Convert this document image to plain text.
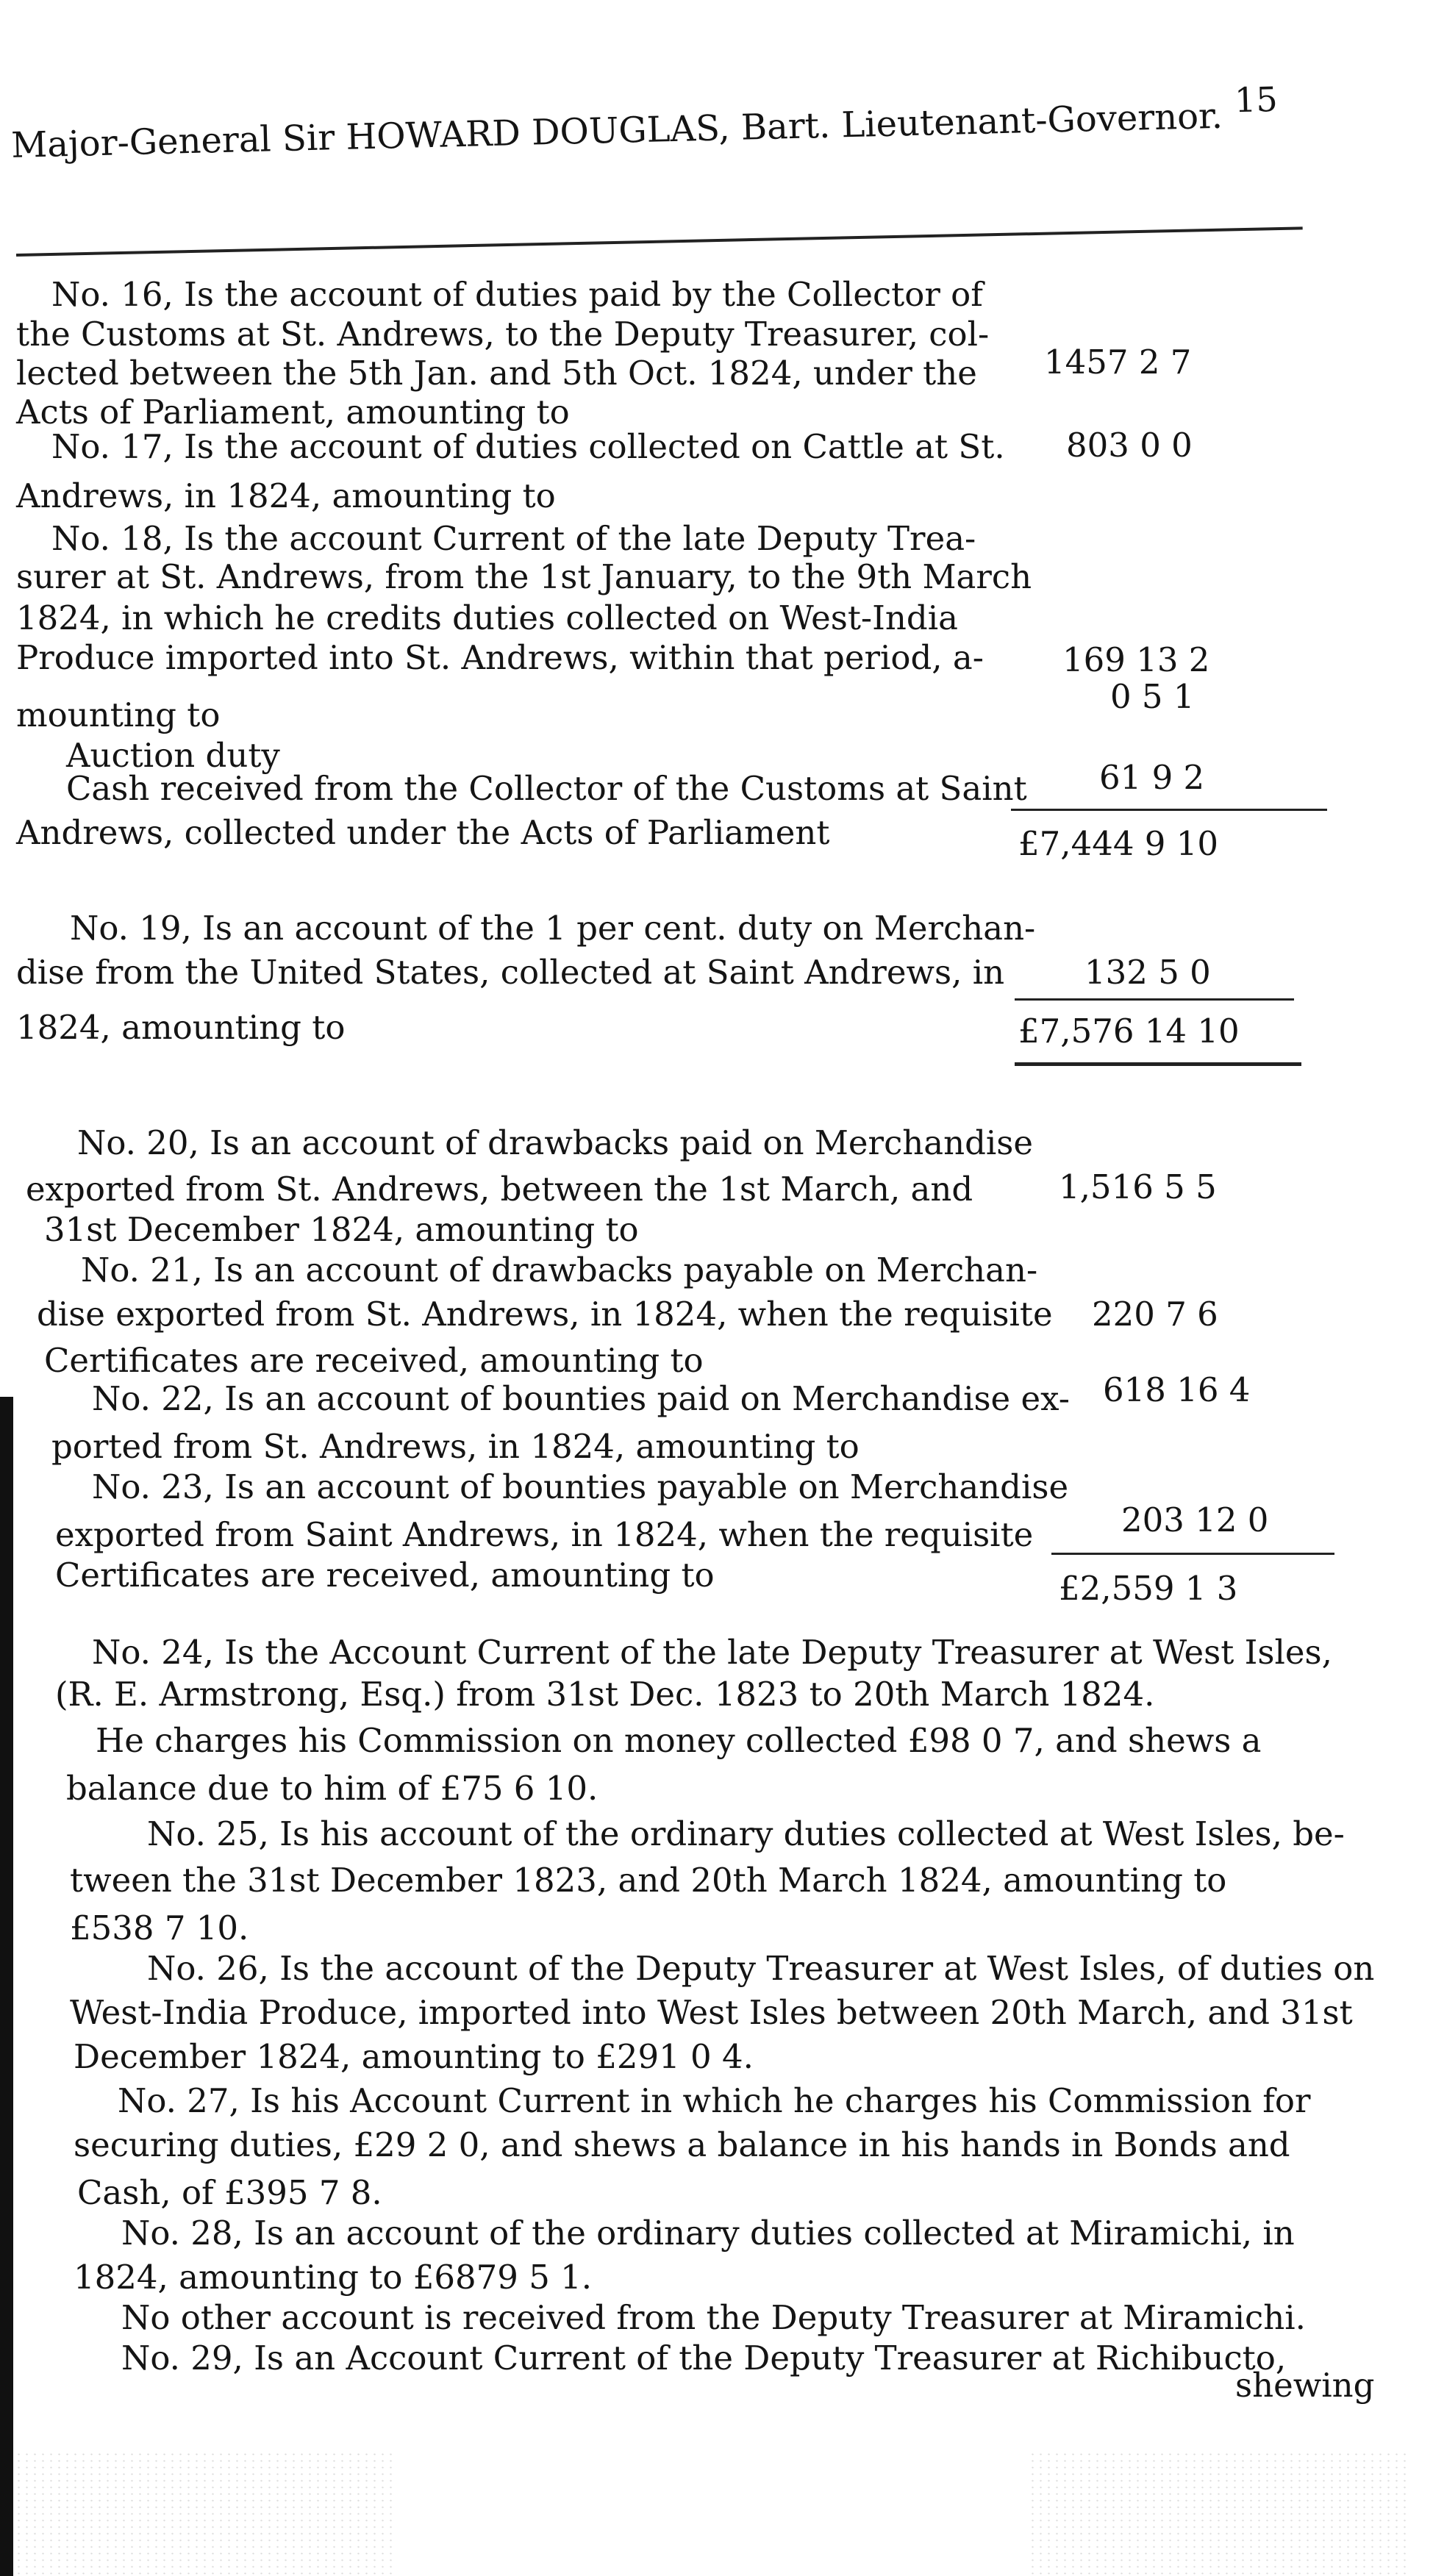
Major-General Sir HOWARD DOUGLAS, Bart. Lieutenant-Governor. 15
No. 16, Is the account of duties paid by the Collector of
the Customs at St. Andrews, to the Deputy Treasurer, col-
lected between the 5th Jan. and 5th Oct. 1824, under the
Acts of Parliament, amounting to
No. 17, Is the account of duties collected on Cattle at St.
Andrews, in 1824, amounting to
No. 18, Is the account Current of the late Deputy Trea-
surer at St. Andrews, from the 1st January, to the 9th March
1824, in which he credits duties collected on West-India
Produce imported into St. Andrews, within that period, a-
mounting to
Auction duty
Cash received from the Collector of the Customs at Saint
Andrews, collected under the Acts of Parliament
No. 19, Is an account of the 1 per cent. duty on Merchan-
dise from the United States, collected at Saint Andrews, in
1824, amounting to
No. 20, Is an account of drawbacks paid on Merchandise
exported from St. Andrews, between the 1st March, and
31st December 1824, amounting to
No. 21, Is an account of drawbacks payable on Merchan-
dise exported from St. Andrews, in 1824, when the requisite
Certificates are received, amounting to
No. 22, Is an account of bounties paid on Merchandise ex-
ported from St. Andrews, in 1824, amounting to
No. 23, Is an account of bounties payable on Merchandise
exported from Saint Andrews, in 1824, when the requisite
Certificates are received, amounting to
No. 24, Is the Account Current of the late Deputy Treasurer at West Isles,
(R. E. Armstrong, Esq.) from 31st Dec. 1823 to 20th March 1824.
He charges his Commission on money collected £98 0 7, and shews a
balance due to him of £75 6 10.
No. 25, Is his account of the ordinary duties collected at West Isles, be-
tween the 31st December 1823, and 20th March 1824, amounting to
£538 7 10.
No. 26, Is the account of the Deputy Treasurer at West Isles, of duties on
West-India Produce, imported into West Isles between 20th March, and 31st
December 1824, amounting to £291 0 4.
No. 27, Is his Account Current in which he charges his Commission for
securing duties, £29 2 0, and shews a balance in his hands in Bonds and
Cash, of £395 7 8.
No. 28, Is an account of the ordinary duties collected at Miramichi, in
1824, amounting to £6879 5 1.
No other account is received from the Deputy Treasurer at Miramichi.
No. 29, Is an Account Current of the Deputy Treasurer at Richibucto,
shewing
1457 2 7
803 0 0
169 13 2
0 5 1
61 9 2
£7,444 9 10
132 5 0
£7,576 14 10
1,516 5 5
220 7 6
618 16 4
203 12 0
£2,559 1 3
